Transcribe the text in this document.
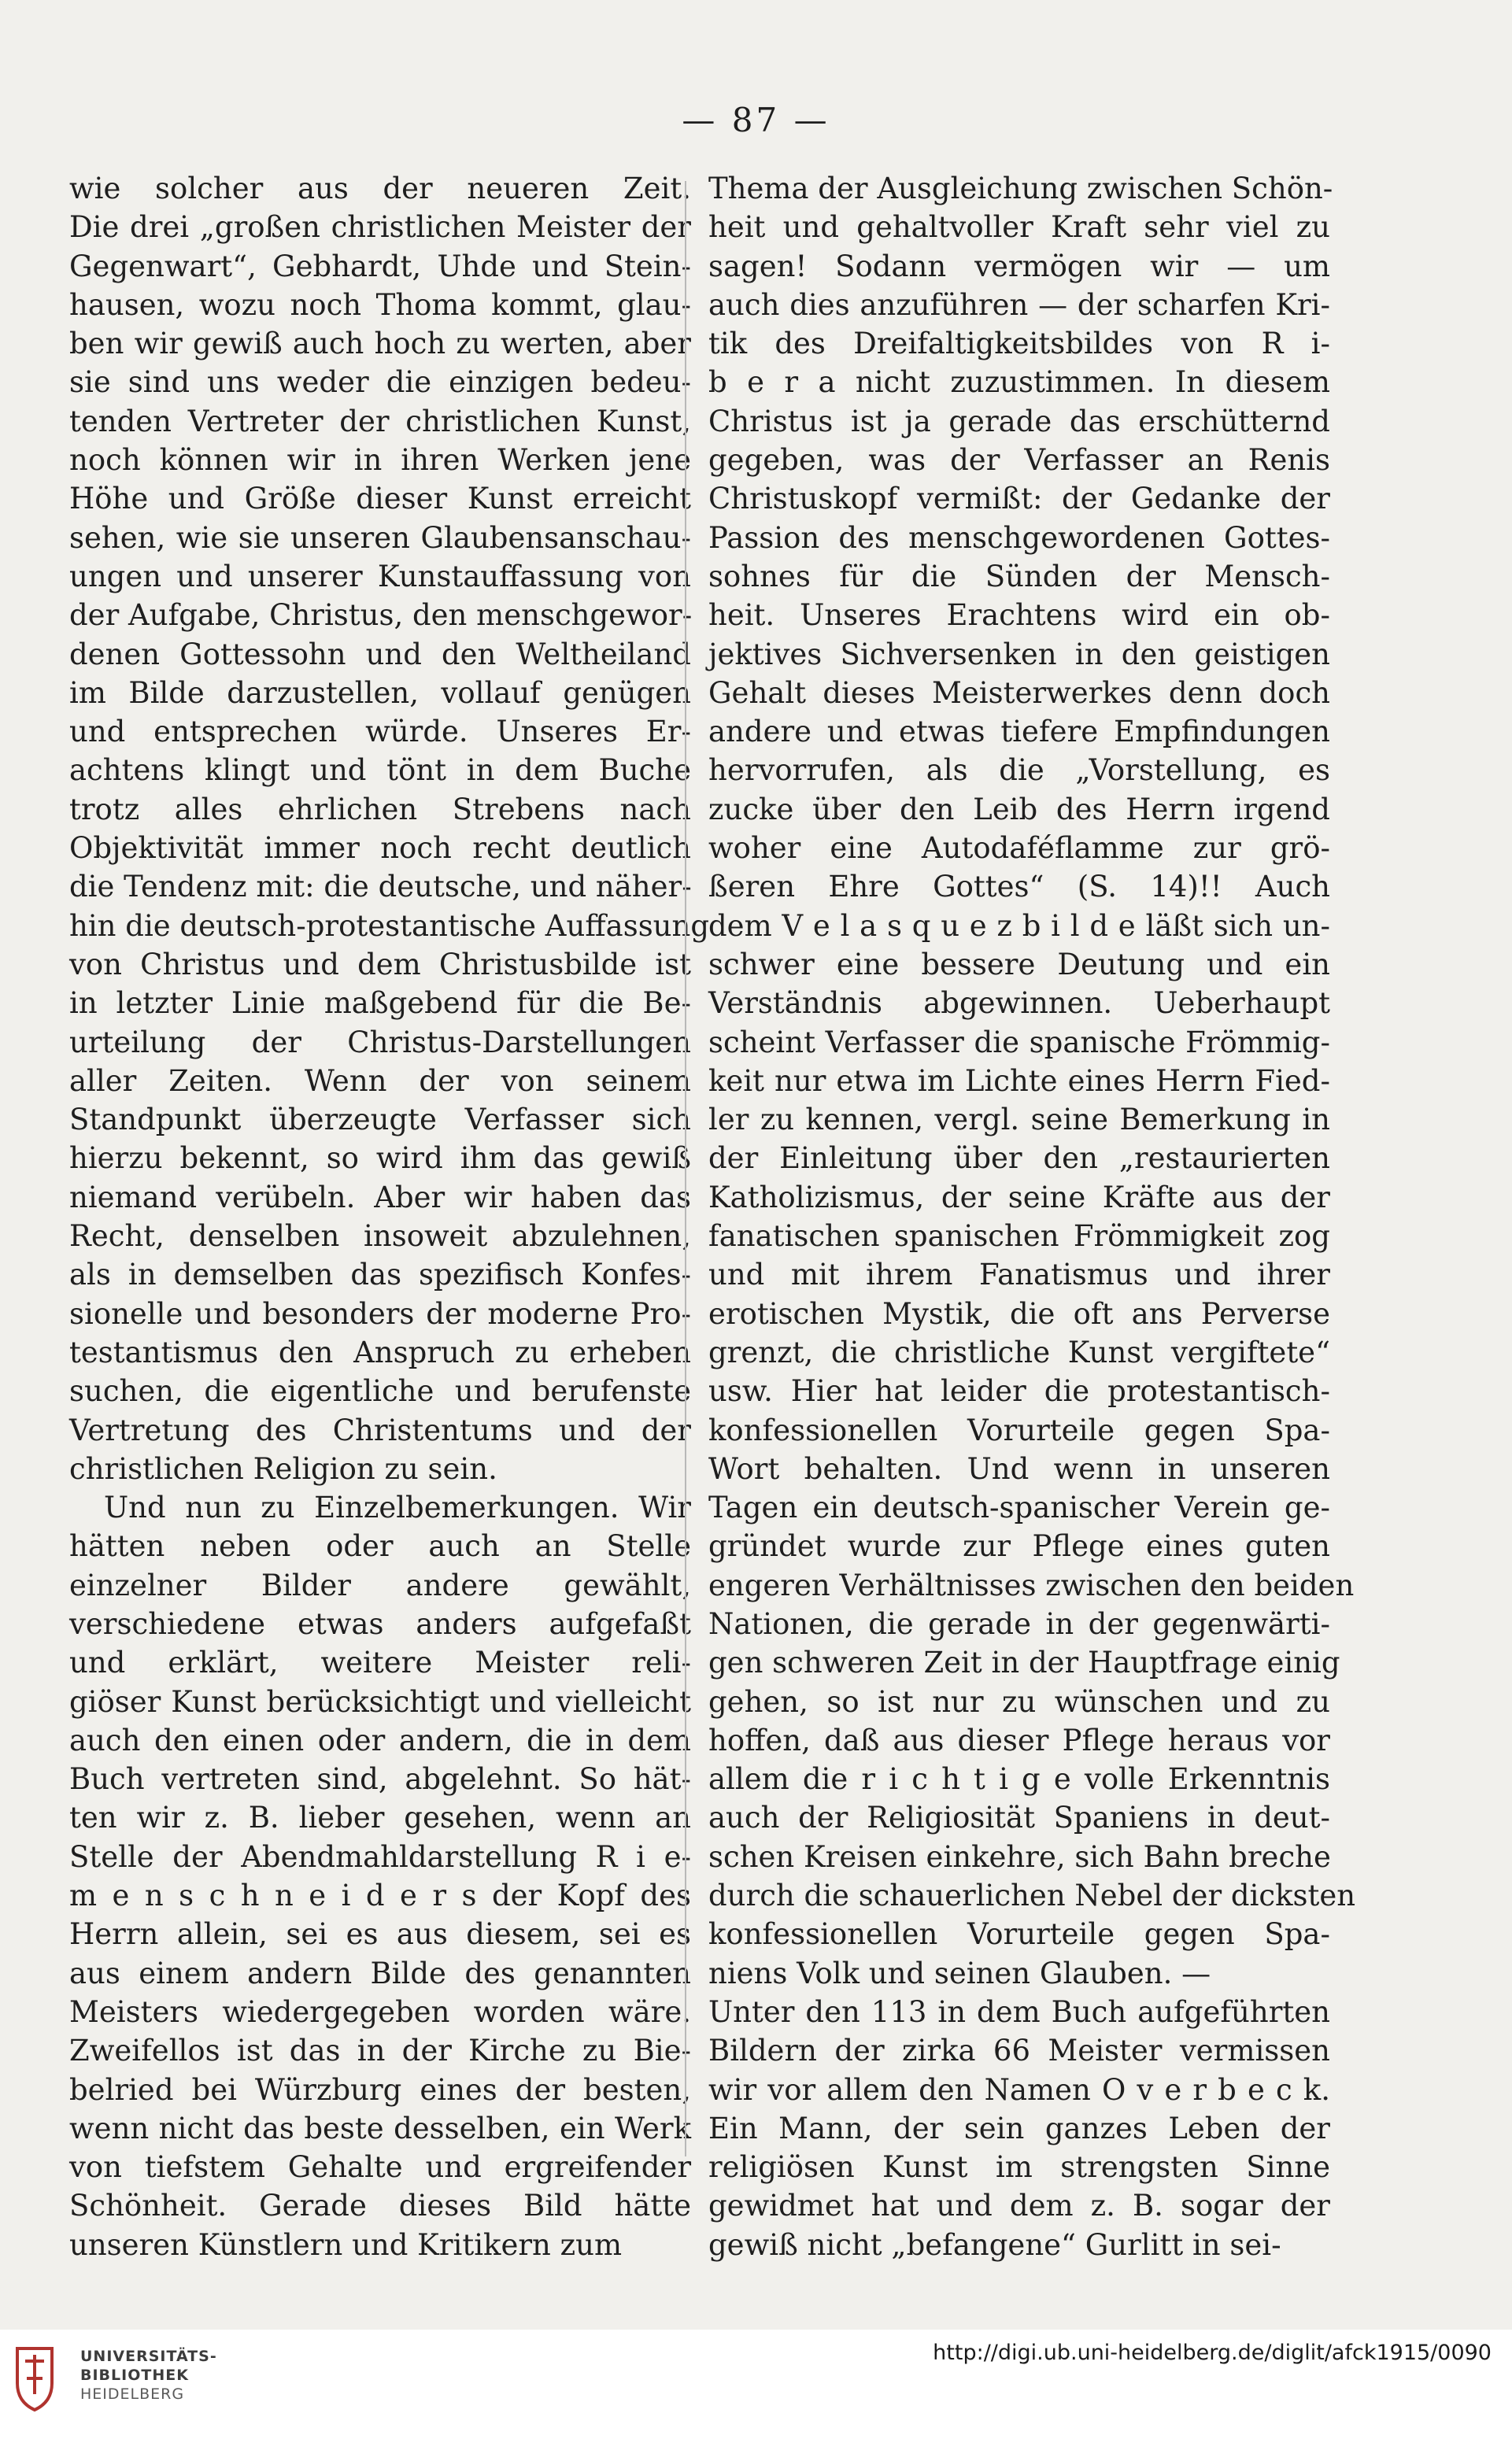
— 87 —
wie solcher aus der neueren Zeit.
Die drei „großen christlichen Meister der
Gegenwart“, Gebhardt, Uhde und Stein-
hausen, wozu noch Thoma kommt, glau-
ben wir gewiß auch hoch zu werten, aber
sie sind uns weder die einzigen bedeu-
tenden Vertreter der christlichen Kunst,
noch können wir in ihren Werken jene
Höhe und Größe dieser Kunst erreicht
sehen, wie sie unseren Glaubensanschau-
ungen und unserer Kunstauffassung von
der Aufgabe, Christus, den menschgewor-
denen Gottessohn und den Weltheiland
im Bilde darzustellen, vollauf genügen
und entsprechen würde. Unseres Er-
achtens klingt und tönt in dem Buche
trotz alles ehrlichen Strebens nach
Objektivität immer noch recht deutlich
die Tendenz mit: die deutsche, und näher-
hin die deutsch-protestantische Auffassung
von Christus und dem Christusbilde ist
in letzter Linie maßgebend für die Be-
urteilung der Christus-Darstellungen
aller Zeiten. Wenn der von seinem
Standpunkt überzeugte Verfasser sich
hierzu bekennt, so wird ihm das gewiß
niemand verübeln. Aber wir haben das
Recht, denselben insoweit abzulehnen,
als in demselben das spezifisch Konfes-
sionelle und besonders der moderne Pro-
testantismus den Anspruch zu erheben
suchen, die eigentliche und berufenste
Vertretung des Christentums und der
christlichen Religion zu sein.
Und nun zu Einzelbemerkungen. Wir
hätten neben oder auch an Stelle
einzelner Bilder andere gewählt,
verschiedene etwas anders aufgefaßt
und erklärt, weitere Meister reli-
giöser Kunst berücksichtigt und vielleicht
auch den einen oder andern, die in dem
Buch vertreten sind, abgelehnt. So hät-
ten wir z. B. lieber gesehen, wenn an
Stelle der Abendmahldarstellung R i e-
m e n s c h n e i d e r s der Kopf des
Herrn allein, sei es aus diesem, sei es
aus einem andern Bilde des genannten
Meisters wiedergegeben worden wäre.
Zweifellos ist das in der Kirche zu Bie-
belried bei Würzburg eines der besten,
wenn nicht das beste desselben, ein Werk
von tiefstem Gehalte und ergreifender
Schönheit. Gerade dieses Bild hätte
unseren Künstlern und Kritikern zum
Thema der Ausgleichung zwischen Schön-
heit und gehaltvoller Kraft sehr viel zu
sagen! Sodann vermögen wir — um
auch dies anzuführen — der scharfen Kri-
tik des Dreifaltigkeitsbildes von R i-
b e r a nicht zuzustimmen. In diesem
Christus ist ja gerade das erschütternd
gegeben, was der Verfasser an Renis
Christuskopf vermißt: der Gedanke der
Passion des menschgewordenen Gottes-
sohnes für die Sünden der Mensch-
heit. Unseres Erachtens wird ein ob-
jektives Sichversenken in den geistigen
Gehalt dieses Meisterwerkes denn doch
andere und etwas tiefere Empfindungen
hervorrufen, als die „Vorstellung, es
zucke über den Leib des Herrn irgend
woher eine Autodaféflamme zur grö-
ßeren Ehre Gottes“ (S. 14)!! Auch
dem V e l a s q u e z b i l d e läßt sich un-
schwer eine bessere Deutung und ein
Verständnis abgewinnen. Ueberhaupt
scheint Verfasser die spanische Frömmig-
keit nur etwa im Lichte eines Herrn Fied-
ler zu kennen, vergl. seine Bemerkung in
der Einleitung über den „restaurierten
Katholizismus, der seine Kräfte aus der
fanatischen spanischen Frömmigkeit zog
und mit ihrem Fanatismus und ihrer
erotischen Mystik, die oft ans Perverse
grenzt, die christliche Kunst vergiftete“
usw. Hier hat leider die protestantisch-
konfessionellen Vorurteile gegen Spa-
Wort behalten. Und wenn in unseren
Tagen ein deutsch-spanischer Verein ge-
gründet wurde zur Pflege eines guten
engeren Verhältnisses zwischen den beiden
Nationen, die gerade in der gegenwärti-
gen schweren Zeit in der Hauptfrage einig
gehen, so ist nur zu wünschen und zu
hoffen, daß aus dieser Pflege heraus vor
allem die r i c h t i g e volle Erkenntnis
auch der Religiosität Spaniens in deut-
schen Kreisen einkehre, sich Bahn breche
durch die schauerlichen Nebel der dicksten
konfessionellen Vorurteile gegen Spa-
niens Volk und seinen Glauben. —
Unter den 113 in dem Buch aufgeführten
Bildern der zirka 66 Meister vermissen
wir vor allem den Namen O v e r b e c k.
Ein Mann, der sein ganzes Leben der
religiösen Kunst im strengsten Sinne
gewidmet hat und dem z. B. sogar der
gewiß nicht „befangene“ Gurlitt in sei-
UNIVERSITÄTS-
BIBLIOTHEK
HEIDELBERG
http://digi.ub.uni-heidelberg.de/diglit/afck1915/0090
